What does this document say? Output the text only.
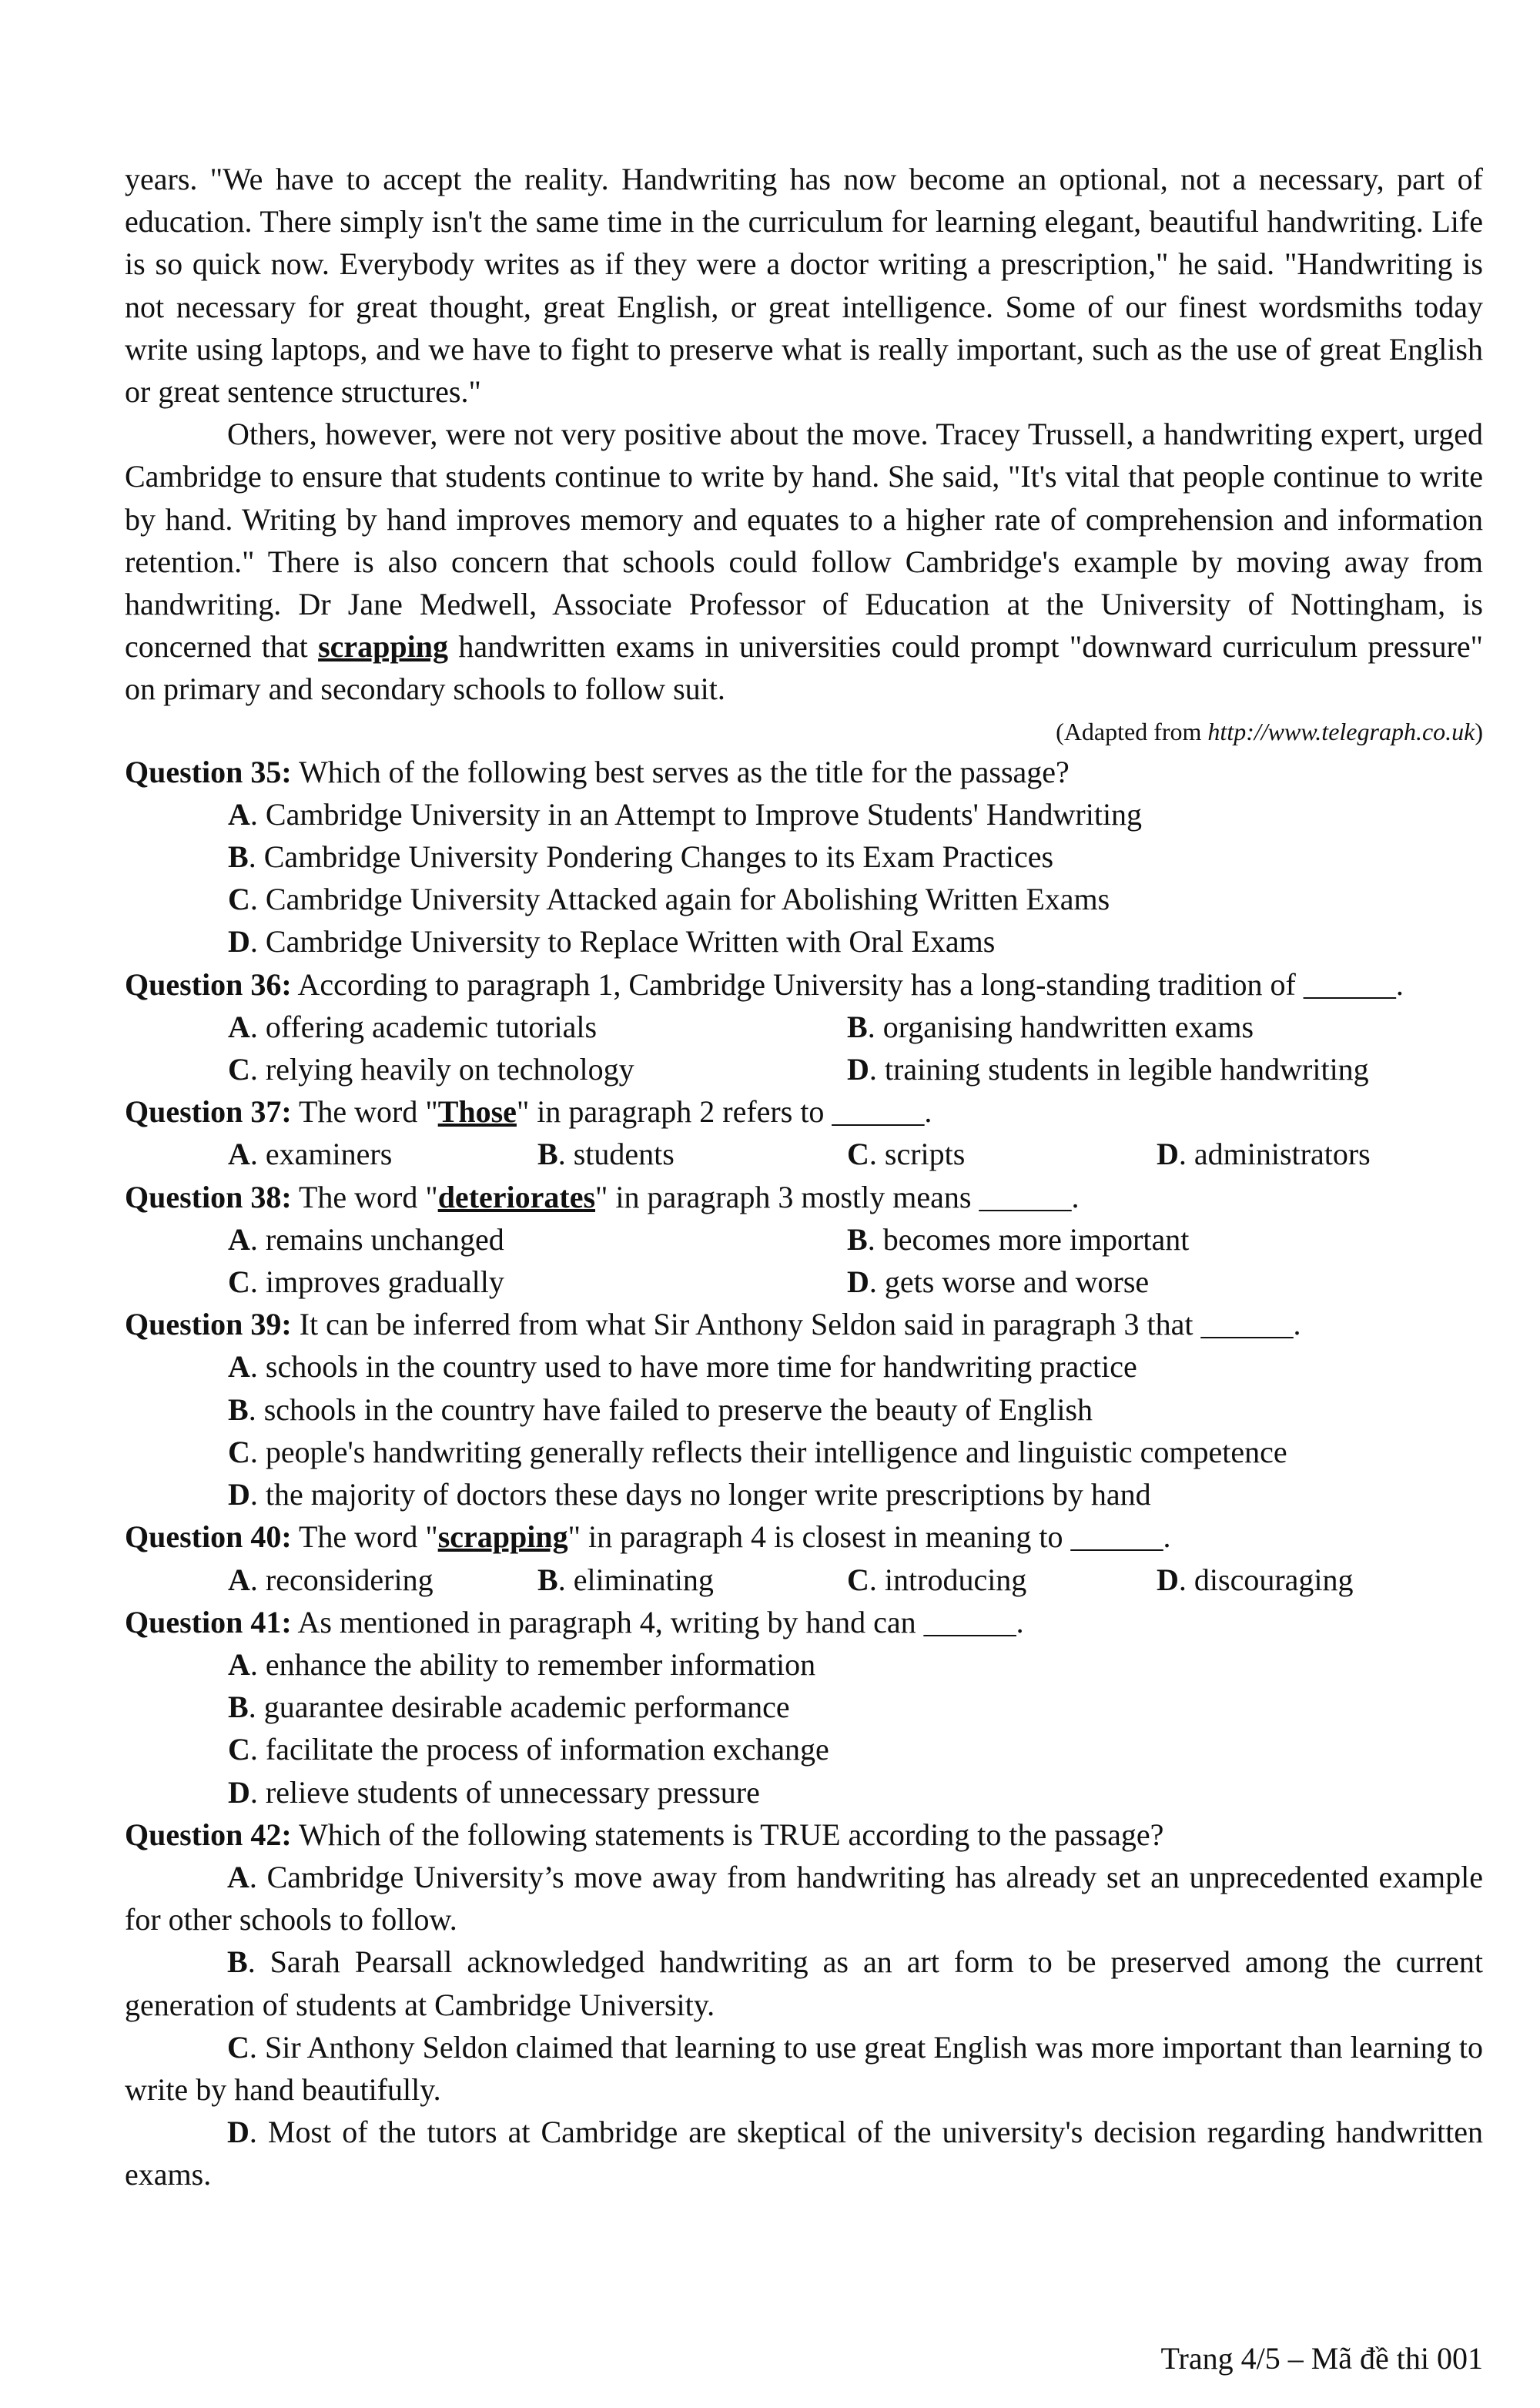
years. "We have to accept the reality. Handwriting has now become an optional, not a necessary, part of education. There simply isn't the same time in the curriculum for learning elegant, beautiful handwriting. Life is so quick now. Everybody writes as if they were a doctor writing a prescription," he said. "Handwriting is not necessary for great thought, great English, or great intelligence. Some of our finest wordsmiths today write using laptops, and we have to fight to preserve what is really important, such as the use of great English or great sentence structures."

Others, however, were not very positive about the move. Tracey Trussell, a handwriting expert, urged Cambridge to ensure that students continue to write by hand. She said, "It's vital that people continue to write by hand. Writing by hand improves memory and equates to a higher rate of comprehension and information retention." There is also concern that schools could follow Cambridge's example by moving away from handwriting. Dr Jane Medwell, Associate Professor of Education at the University of Nottingham, is concerned that scrapping handwritten exams in universities could prompt "downward curriculum pressure" on primary and secondary schools to follow suit.

(Adapted from http://www.telegraph.co.uk)

Question 35: Which of the following best serves as the title for the passage?

A. Cambridge University in an Attempt to Improve Students' Handwriting
B. Cambridge University Pondering Changes to its Exam Practices
C. Cambridge University Attacked again for Abolishing Written Exams
D. Cambridge University to Replace Written with Oral Exams

Question 36: According to paragraph 1, Cambridge University has a long-standing tradition of ______.

A. offering academic tutorials	B. organising handwritten exams
C. relying heavily on technology	D. training students in legible handwriting

Question 37: The word "Those" in paragraph 2 refers to ______.

A. examiners	B. students	C. scripts	D. administrators

Question 38: The word "deteriorates" in paragraph 3 mostly means ______.

A. remains unchanged	B. becomes more important
C. improves gradually	D. gets worse and worse

Question 39: It can be inferred from what Sir Anthony Seldon said in paragraph 3 that ______.

A. schools in the country used to have more time for handwriting practice
B. schools in the country have failed to preserve the beauty of English
C. people's handwriting generally reflects their intelligence and linguistic competence
D. the majority of doctors these days no longer write prescriptions by hand

Question 40: The word "scrapping" in paragraph 4 is closest in meaning to ______.

A. reconsidering	B. eliminating	C. introducing	D. discouraging

Question 41: As mentioned in paragraph 4, writing by hand can ______.

A. enhance the ability to remember information
B. guarantee desirable academic performance
C. facilitate the process of information exchange
D. relieve students of unnecessary pressure

Question 42: Which of the following statements is TRUE according to the passage?

A. Cambridge University’s move away from handwriting has already set an unprecedented example for other schools to follow.

B. Sarah Pearsall acknowledged handwriting as an art form to be preserved among the current generation of students at Cambridge University.

C. Sir Anthony Seldon claimed that learning to use great English was more important than learning to write by hand beautifully.

D. Most of the tutors at Cambridge are skeptical of the university's decision regarding handwritten exams.

Trang 4/5 – Mã đề thi 001
